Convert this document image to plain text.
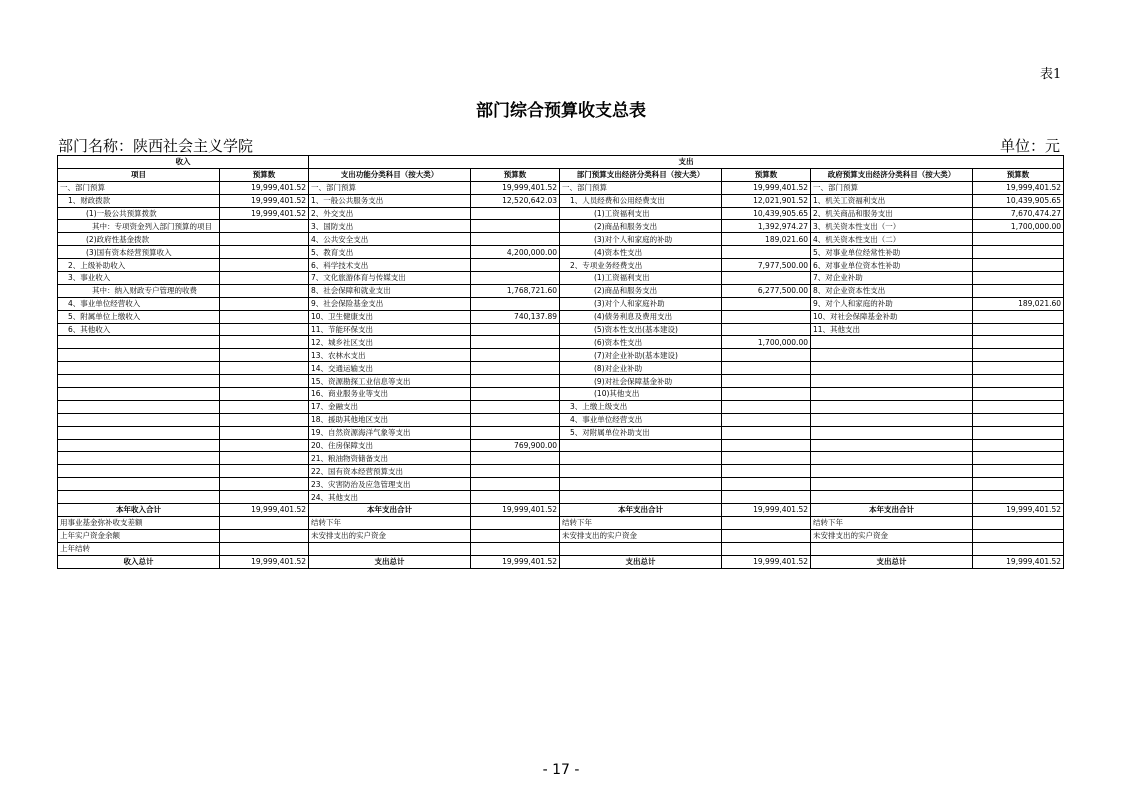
表1
部门综合预算收支总表
部门名称：陕西社会主义学院	单位：元
收入		支出					
项目	预算数	支出功能分类科目（按大类）	预算数	部门预算支出经济分类科目（按大类）	预算数	政府预算支出经济分类科目（按大类）	预算数
一、部门预算	19,999,401.52	一、部门预算	19,999,401.52	一、部门预算	19,999,401.52	一、部门预算	19,999,401.52
1、财政拨款	19,999,401.52	1、一般公共服务支出	12,520,642.03	1、人员经费和公用经费支出	12,021,901.52	1、机关工资福利支出	10,439,905.65
(1)一般公共预算拨款	19,999,401.52	2、外交支出		(1)工资福利支出	10,439,905.65	2、机关商品和服务支出	7,670,474.27
其中：专项资金列入部门预算的项目		3、国防支出		(2)商品和服务支出	1,392,974.27	3、机关资本性支出（一）	1,700,000.00
(2)政府性基金拨款		4、公共安全支出		(3)对个人和家庭的补助	189,021.60	4、机关资本性支出（二）	
(3)国有资本经营预算收入		5、教育支出	4,200,000.00	(4)资本性支出		5、对事业单位经常性补助	
2、上级补助收入		6、科学技术支出		2、专项业务经费支出	7,977,500.00	6、对事业单位资本性补助	
3、事业收入		7、文化旅游体育与传媒支出		(1)工资福利支出		7、对企业补助	
其中：纳入财政专户管理的收费		8、社会保障和就业支出	1,768,721.60	(2)商品和服务支出	6,277,500.00	8、对企业资本性支出	
4、事业单位经营收入		9、社会保险基金支出		(3)对个人和家庭补助		9、对个人和家庭的补助	189,021.60
5、附属单位上缴收入		10、卫生健康支出	740,137.89	(4)债务利息及费用支出		10、对社会保障基金补助	
6、其他收入		11、节能环保支出		(5)资本性支出(基本建设)		11、其他支出	
		12、城乡社区支出		(6)资本性支出	1,700,000.00		
		13、农林水支出		(7)对企业补助(基本建设)			
		14、交通运输支出		(8)对企业补助			
		15、资源勘探工业信息等支出		(9)对社会保障基金补助			
		16、商业服务业等支出		(10)其他支出			
		17、金融支出		3、上缴上级支出			
		18、援助其他地区支出		4、事业单位经营支出			
		19、自然资源海洋气象等支出		5、对附属单位补助支出			
		20、住房保障支出	769,900.00				
		21、粮油物资储备支出					
		22、国有资本经营预算支出					
		23、灾害防治及应急管理支出					
		24、其他支出					
本年收入合计	19,999,401.52	本年支出合计	19,999,401.52	本年支出合计	19,999,401.52	本年支出合计	19,999,401.52
用事业基金弥补收支差额		结转下年		结转下年		结转下年	
上年实户资金余额		未安排支出的实户资金		未安排支出的实户资金		未安排支出的实户资金	
上年结转							
收入总计	19,999,401.52	支出总计	19,999,401.52	支出总计	19,999,401.52	支出总计	19,999,401.52
- 17 -
